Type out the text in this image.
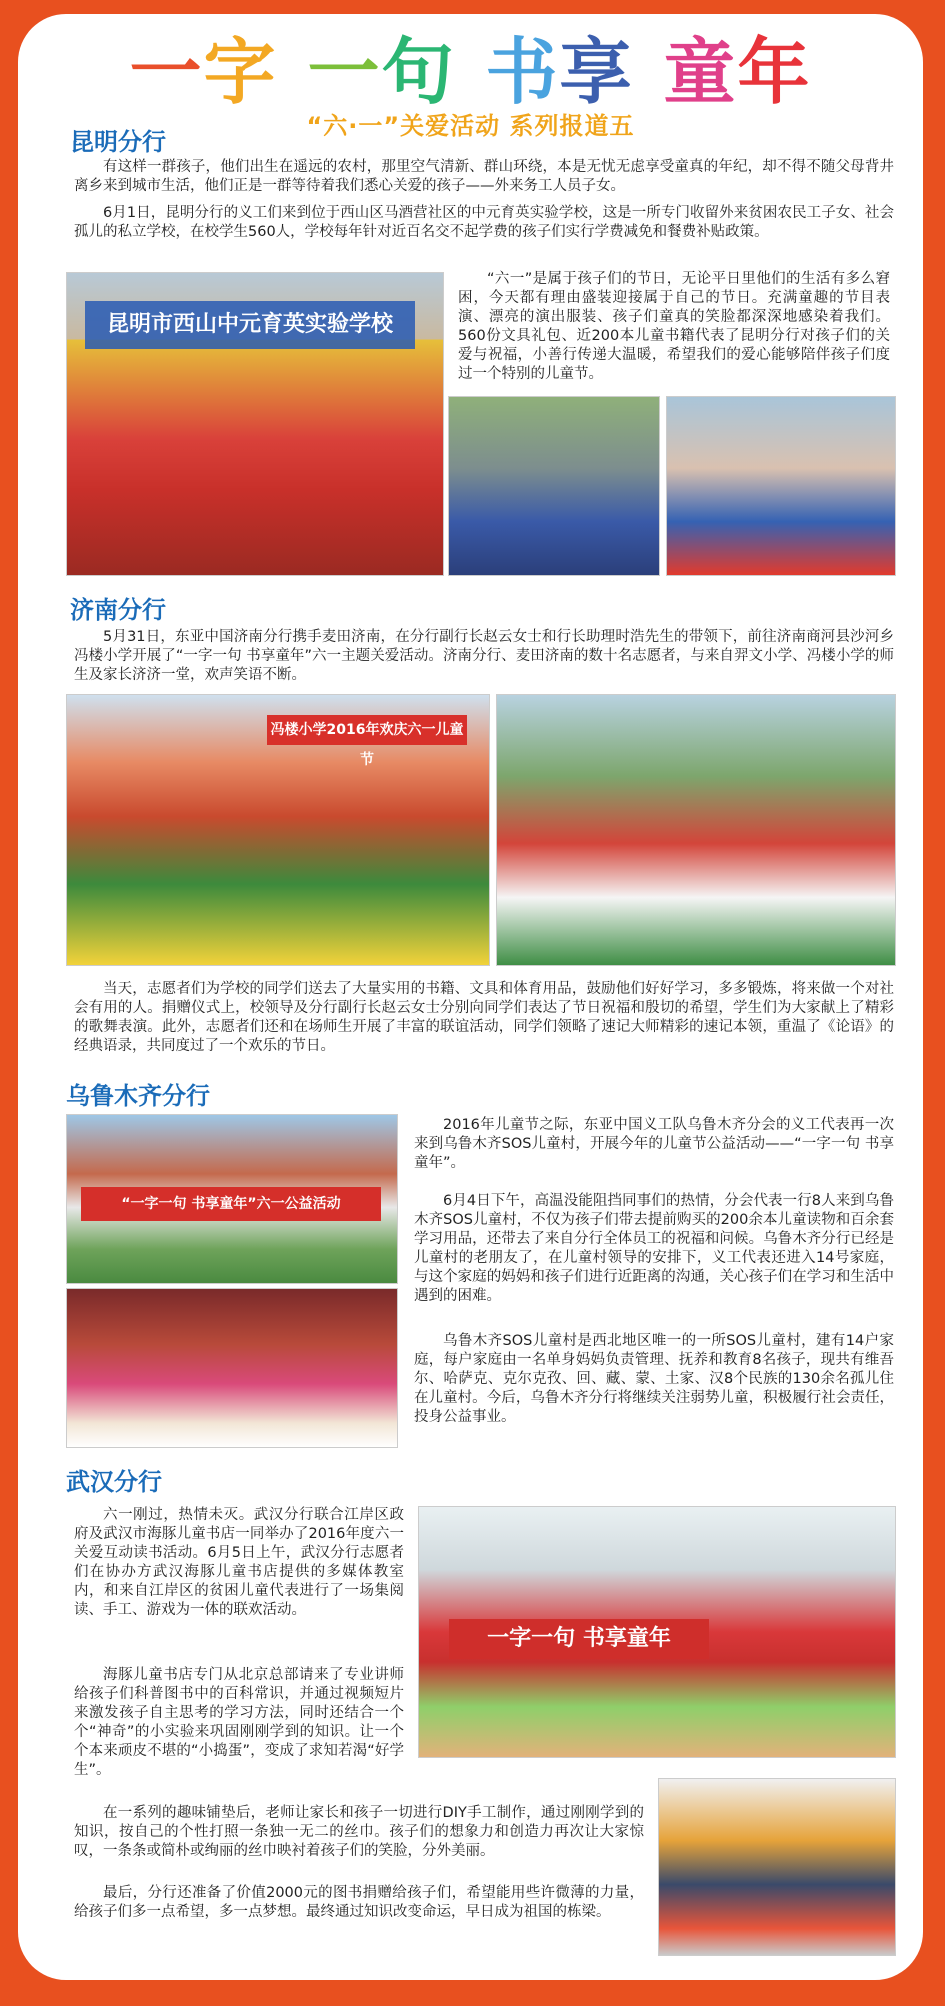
一字 一句 书享 童年
“六·一”关爱活动 系列报道五
昆明分行

有这样一群孩子，他们出生在遥远的农村，那里空气清新、群山环绕，本是无忧无虑享受童真的年纪，却不得不随父母背井离乡来到城市生活，他们正是一群等待着我们悉心关爱的孩子——外来务工人员子女。

6月1日，昆明分行的义工们来到位于西山区马酒营社区的中元育英实验学校，这是一所专门收留外来贫困农民工子女、社会孤儿的私立学校，在校学生560人，学校每年针对近百名交不起学费的孩子们实行学费减免和餐费补贴政策。

昆明市西山中元育英实验学校

“六一”是属于孩子们的节日，无论平日里他们的生活有多么窘困，今天都有理由盛装迎接属于自己的节日。充满童趣的节目表演、漂亮的演出服装、孩子们童真的笑脸都深深地感染着我们。560份文具礼包、近200本儿童书籍代表了昆明分行对孩子们的关爱与祝福，小善行传递大温暖，希望我们的爱心能够陪伴孩子们度过一个特别的儿童节。

济南分行

5月31日，东亚中国济南分行携手麦田济南，在分行副行长赵云女士和行长助理时浩先生的带领下，前往济南商河县沙河乡冯楼小学开展了“一字一句 书享童年”六一主题关爱活动。济南分行、麦田济南的数十名志愿者，与来自羿文小学、冯楼小学的师生及家长济济一堂，欢声笑语不断。

冯楼小学2016年欢庆六一儿童节

当天，志愿者们为学校的同学们送去了大量实用的书籍、文具和体育用品，鼓励他们好好学习，多多锻炼，将来做一个对社会有用的人。捐赠仪式上，校领导及分行副行长赵云女士分别向同学们表达了节日祝福和殷切的希望，学生们为大家献上了精彩的歌舞表演。此外，志愿者们还和在场师生开展了丰富的联谊活动，同学们领略了速记大师精彩的速记本领，重温了《论语》的经典语录，共同度过了一个欢乐的节日。

乌鲁木齐分行
“一字一句 书享童年”六一公益活动

2016年儿童节之际，东亚中国义工队乌鲁木齐分会的义工代表再一次来到乌鲁木齐SOS儿童村，开展今年的儿童节公益活动——“一字一句 书享童年”。

6月4日下午，高温没能阻挡同事们的热情，分会代表一行8人来到乌鲁木齐SOS儿童村，不仅为孩子们带去提前购买的200余本儿童读物和百余套学习用品，还带去了来自分行全体员工的祝福和问候。乌鲁木齐分行已经是儿童村的老朋友了，在儿童村领导的安排下，义工代表还进入14号家庭，与这个家庭的妈妈和孩子们进行近距离的沟通，关心孩子们在学习和生活中遇到的困难。

乌鲁木齐SOS儿童村是西北地区唯一的一所SOS儿童村，建有14户家庭，每户家庭由一名单身妈妈负责管理、抚养和教育8名孩子，现共有维吾尔、哈萨克、克尔克孜、回、藏、蒙、土家、汉8个民族的130余名孤儿住在儿童村。今后，乌鲁木齐分行将继续关注弱势儿童，积极履行社会责任，投身公益事业。

武汉分行

六一刚过，热情未灭。武汉分行联合江岸区政府及武汉市海豚儿童书店一同举办了2016年度六一关爱互动读书活动。6月5日上午，武汉分行志愿者们在协办方武汉海豚儿童书店提供的多媒体教室内，和来自江岸区的贫困儿童代表进行了一场集阅读、手工、游戏为一体的联欢活动。

海豚儿童书店专门从北京总部请来了专业讲师给孩子们科普图书中的百科常识，并通过视频短片来激发孩子自主思考的学习方法，同时还结合一个个“神奇”的小实验来巩固刚刚学到的知识。让一个个本来顽皮不堪的“小捣蛋”，变成了求知若渴“好学生”。

一字一句 书享童年

在一系列的趣味铺垫后，老师让家长和孩子一切进行DIY手工制作，通过刚刚学到的知识，按自己的个性打照一条独一无二的丝巾。孩子们的想象力和创造力再次让大家惊叹，一条条或简朴或绚丽的丝巾映衬着孩子们的笑脸，分外美丽。

最后，分行还准备了价值2000元的图书捐赠给孩子们，希望能用些许微薄的力量，给孩子们多一点希望，多一点梦想。最终通过知识改变命运，早日成为祖国的栋梁。
